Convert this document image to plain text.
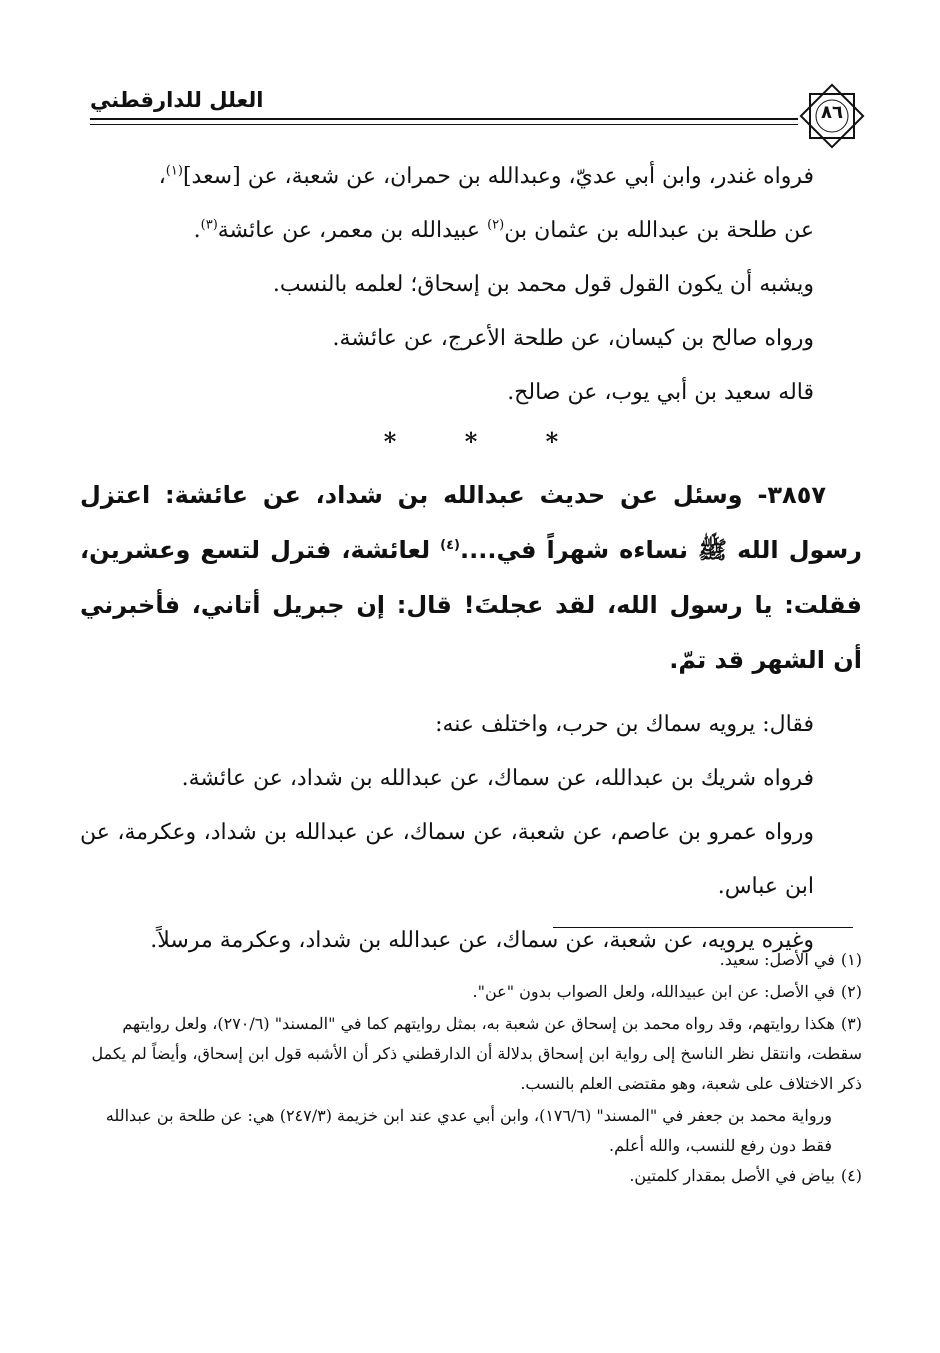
العلل للدارقطني
٨٦

فرواه غندر، وابن أبي عديّ، وعبدالله بن حمران، عن شعبة، عن [سعد]$^{(١)}$،
عن طلحة بن عبدالله بن عثمان بن$^{(٢)}$ عبيدالله بن معمر، عن عائشة$^{(٣)}$.

ويشبه أن يكون القول قول محمد بن إسحاق؛ لعلمه بالنسب.

ورواه صالح بن كيسان، عن طلحة الأعرج، عن عائشة.

قاله سعيد بن أبي يوب، عن صالح.

* * *

٣٨٥٧- وسئل عن حديث عبدالله بن شداد، عن عائشة: اعتزل رسول الله ﷺ نساءه شهراً في....$^{(٤)}$ لعائشة، فترل لتسع وعشرين، فقلت: يا رسول الله، لقد عجلتَ! قال: إن جبريل أتاني، فأخبرني أن الشهر قد تمّ.

فقال: يرويه سماك بن حرب، واختلف عنه:

فرواه شريك بن عبدالله، عن سماك، عن عبدالله بن شداد، عن عائشة.

ورواه عمرو بن عاصم، عن شعبة، عن سماك، عن عبدالله بن شداد، وعكرمة، عن ابن عباس.

وغيره يرويه، عن شعبة، عن سماك، عن عبدالله بن شداد، وعكرمة مرسلاً.

(١)في الأصل: سعيد.

(٢)في الأصل: عن ابن عبيدالله، ولعل الصواب بدون "عن".

(٣)هكذا روايتهم، وقد رواه محمد بن إسحاق عن شعبة به، بمثل روايتهم كما في "المسند" (٢٧٠/٦)، ولعل روايتهم سقطت، وانتقل نظر الناسخ إلى رواية ابن إسحاق بدلالة أن الدارقطني ذكر أن الأشبه قول ابن إسحاق، وأيضاً لم يكمل ذكر الاختلاف على شعبة، وهو مقتضى العلم بالنسب.

ورواية محمد بن جعفر في "المسند" (١٧٦/٦)، وابن أبي عدي عند ابن خزيمة (٢٤٧/٣) هي: عن طلحة بن عبدالله فقط دون رفع للنسب، والله أعلم.

(٤)بياض في الأصل بمقدار كلمتين.
